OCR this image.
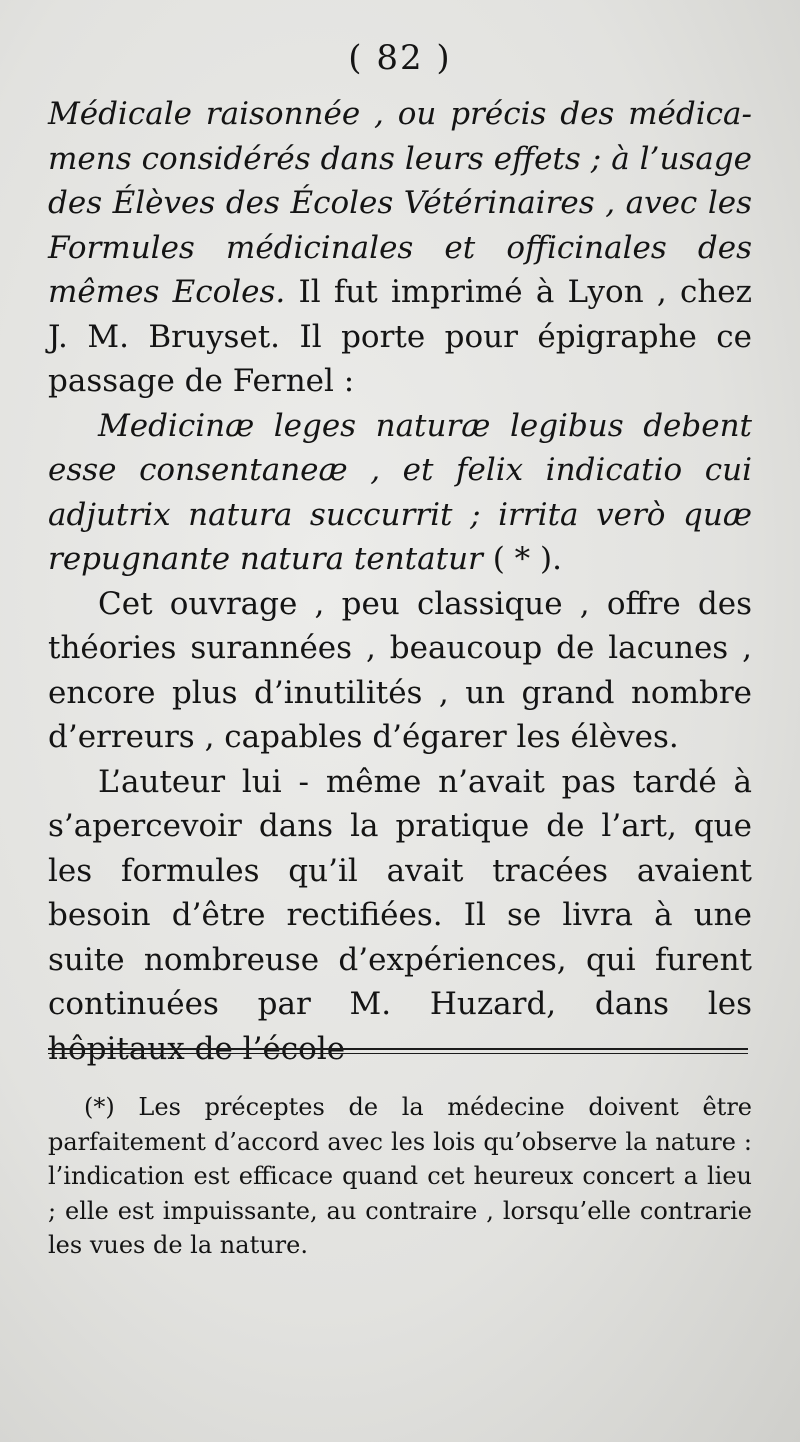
( 82 )

Médicale raisonnée , ou précis des médicamens considérés dans leurs effets ; à l’usage des Élèves des Écoles Vétérinaires , avec les Formules médicinales et officinales des mêmes Ecoles. Il fut imprimé à Lyon , chez J. M. Bruyset. Il porte pour épigraphe ce passage de Fernel :

Medicinæ leges naturæ legibus debent esse consentaneæ , et felix indicatio cui adjutrix natura succurrit ; irrita verò quæ repugnante natura tentatur ( * ).

Cet ouvrage , peu classique , offre des théories surannées , beaucoup de lacunes , encore plus d’inutilités , un grand nombre d’erreurs , capables d’égarer les élèves.

L’auteur lui - même n’avait pas tardé à s’apercevoir dans la pratique de l’art, que les formules qu’il avait tracées avaient besoin d’être rectifiées. Il se livra à une suite nombreuse d’expériences, qui furent continuées par M. Huzard, dans les hôpitaux de l’école

(*) Les préceptes de la médecine doivent être parfaitement d’accord avec les lois qu’observe la nature : l’indication est efficace quand cet heureux concert a lieu ; elle est impuissante, au contraire , lorsqu’elle contrarie les vues de la nature.
